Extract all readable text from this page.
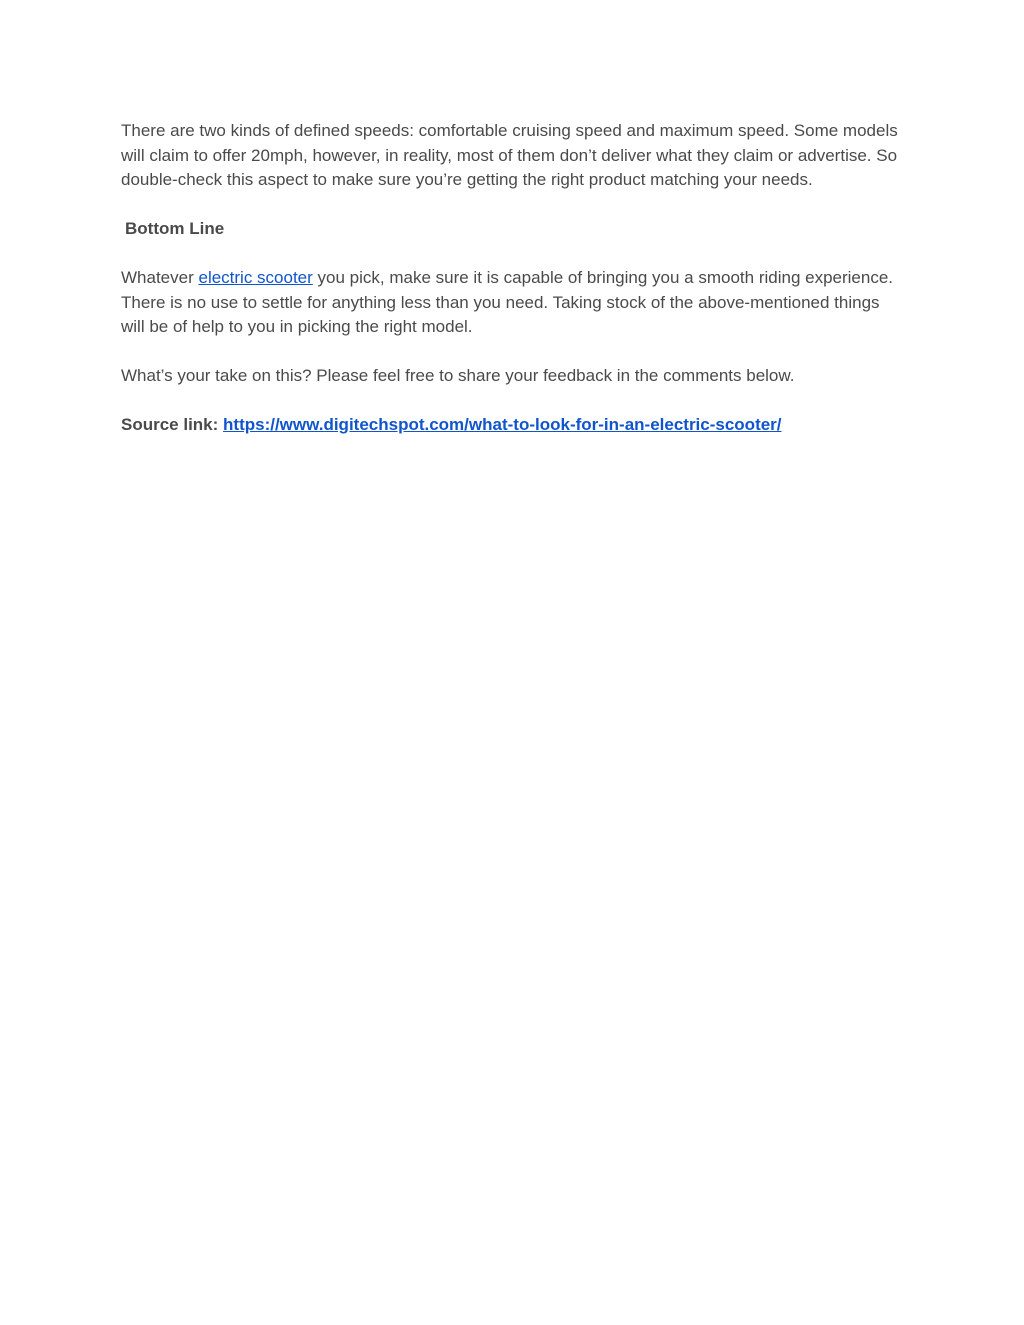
There are two kinds of defined speeds: comfortable cruising speed and maximum speed. Some models will claim to offer 20mph, however, in reality, most of them don’t deliver what they claim or advertise. So double-check this aspect to make sure you’re getting the right product matching your needs.

Bottom Line

Whatever electric scooter you pick, make sure it is capable of bringing you a smooth riding experience. There is no use to settle for anything less than you need. Taking stock of the above-mentioned things will be of help to you in picking the right model.

What’s your take on this? Please feel free to share your feedback in the comments below.

Source link: https://www.digitechspot.com/what-to-look-for-in-an-electric-scooter/
